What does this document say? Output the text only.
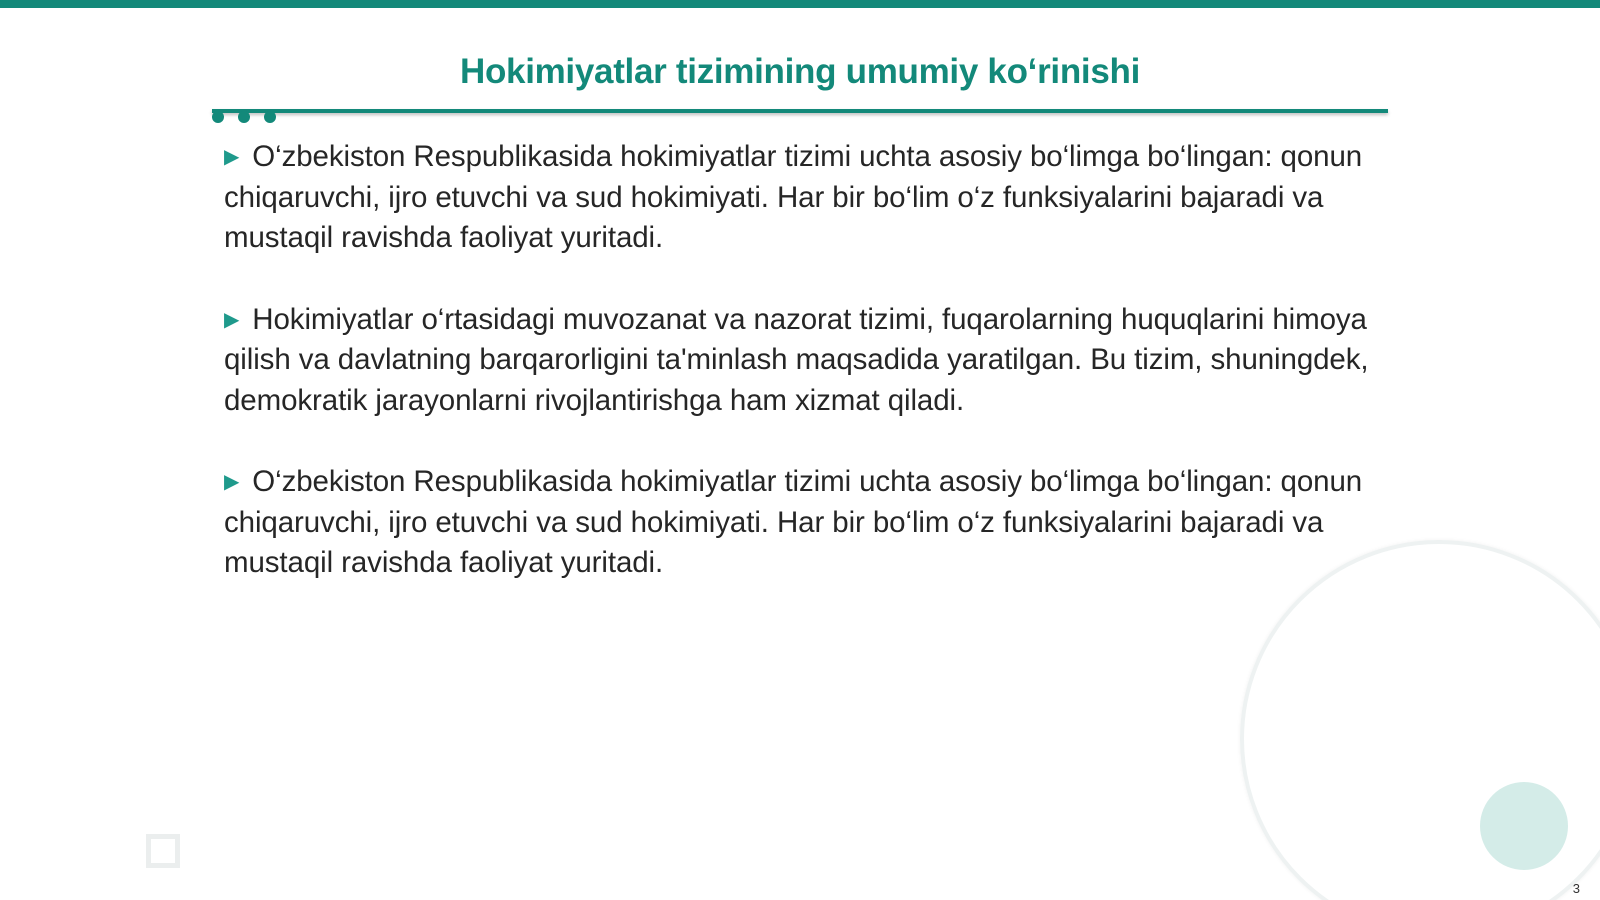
Hokimiyatlar tizimining umumiy ko‘rinishi

▶ O‘zbekiston Respublikasida hokimiyatlar tizimi uchta asosiy bo‘limga bo‘lingan: qonun chiqaruvchi, ijro etuvchi va sud hokimiyati. Har bir bo‘lim o‘z funksiyalarini bajaradi va mustaqil ravishda faoliyat yuritadi.

▶ Hokimiyatlar o‘rtasidagi muvozanat va nazorat tizimi, fuqarolarning huquqlarini himoya qilish va davlatning barqarorligini ta'minlash maqsadida yaratilgan. Bu tizim, shuningdek, demokratik jarayonlarni rivojlantirishga ham xizmat qiladi.

▶ O‘zbekiston Respublikasida hokimiyatlar tizimi uchta asosiy bo‘limga bo‘lingan: qonun chiqaruvchi, ijro etuvchi va sud hokimiyati. Har bir bo‘lim o‘z funksiyalarini bajaradi va mustaqil ravishda faoliyat yuritadi.

3
